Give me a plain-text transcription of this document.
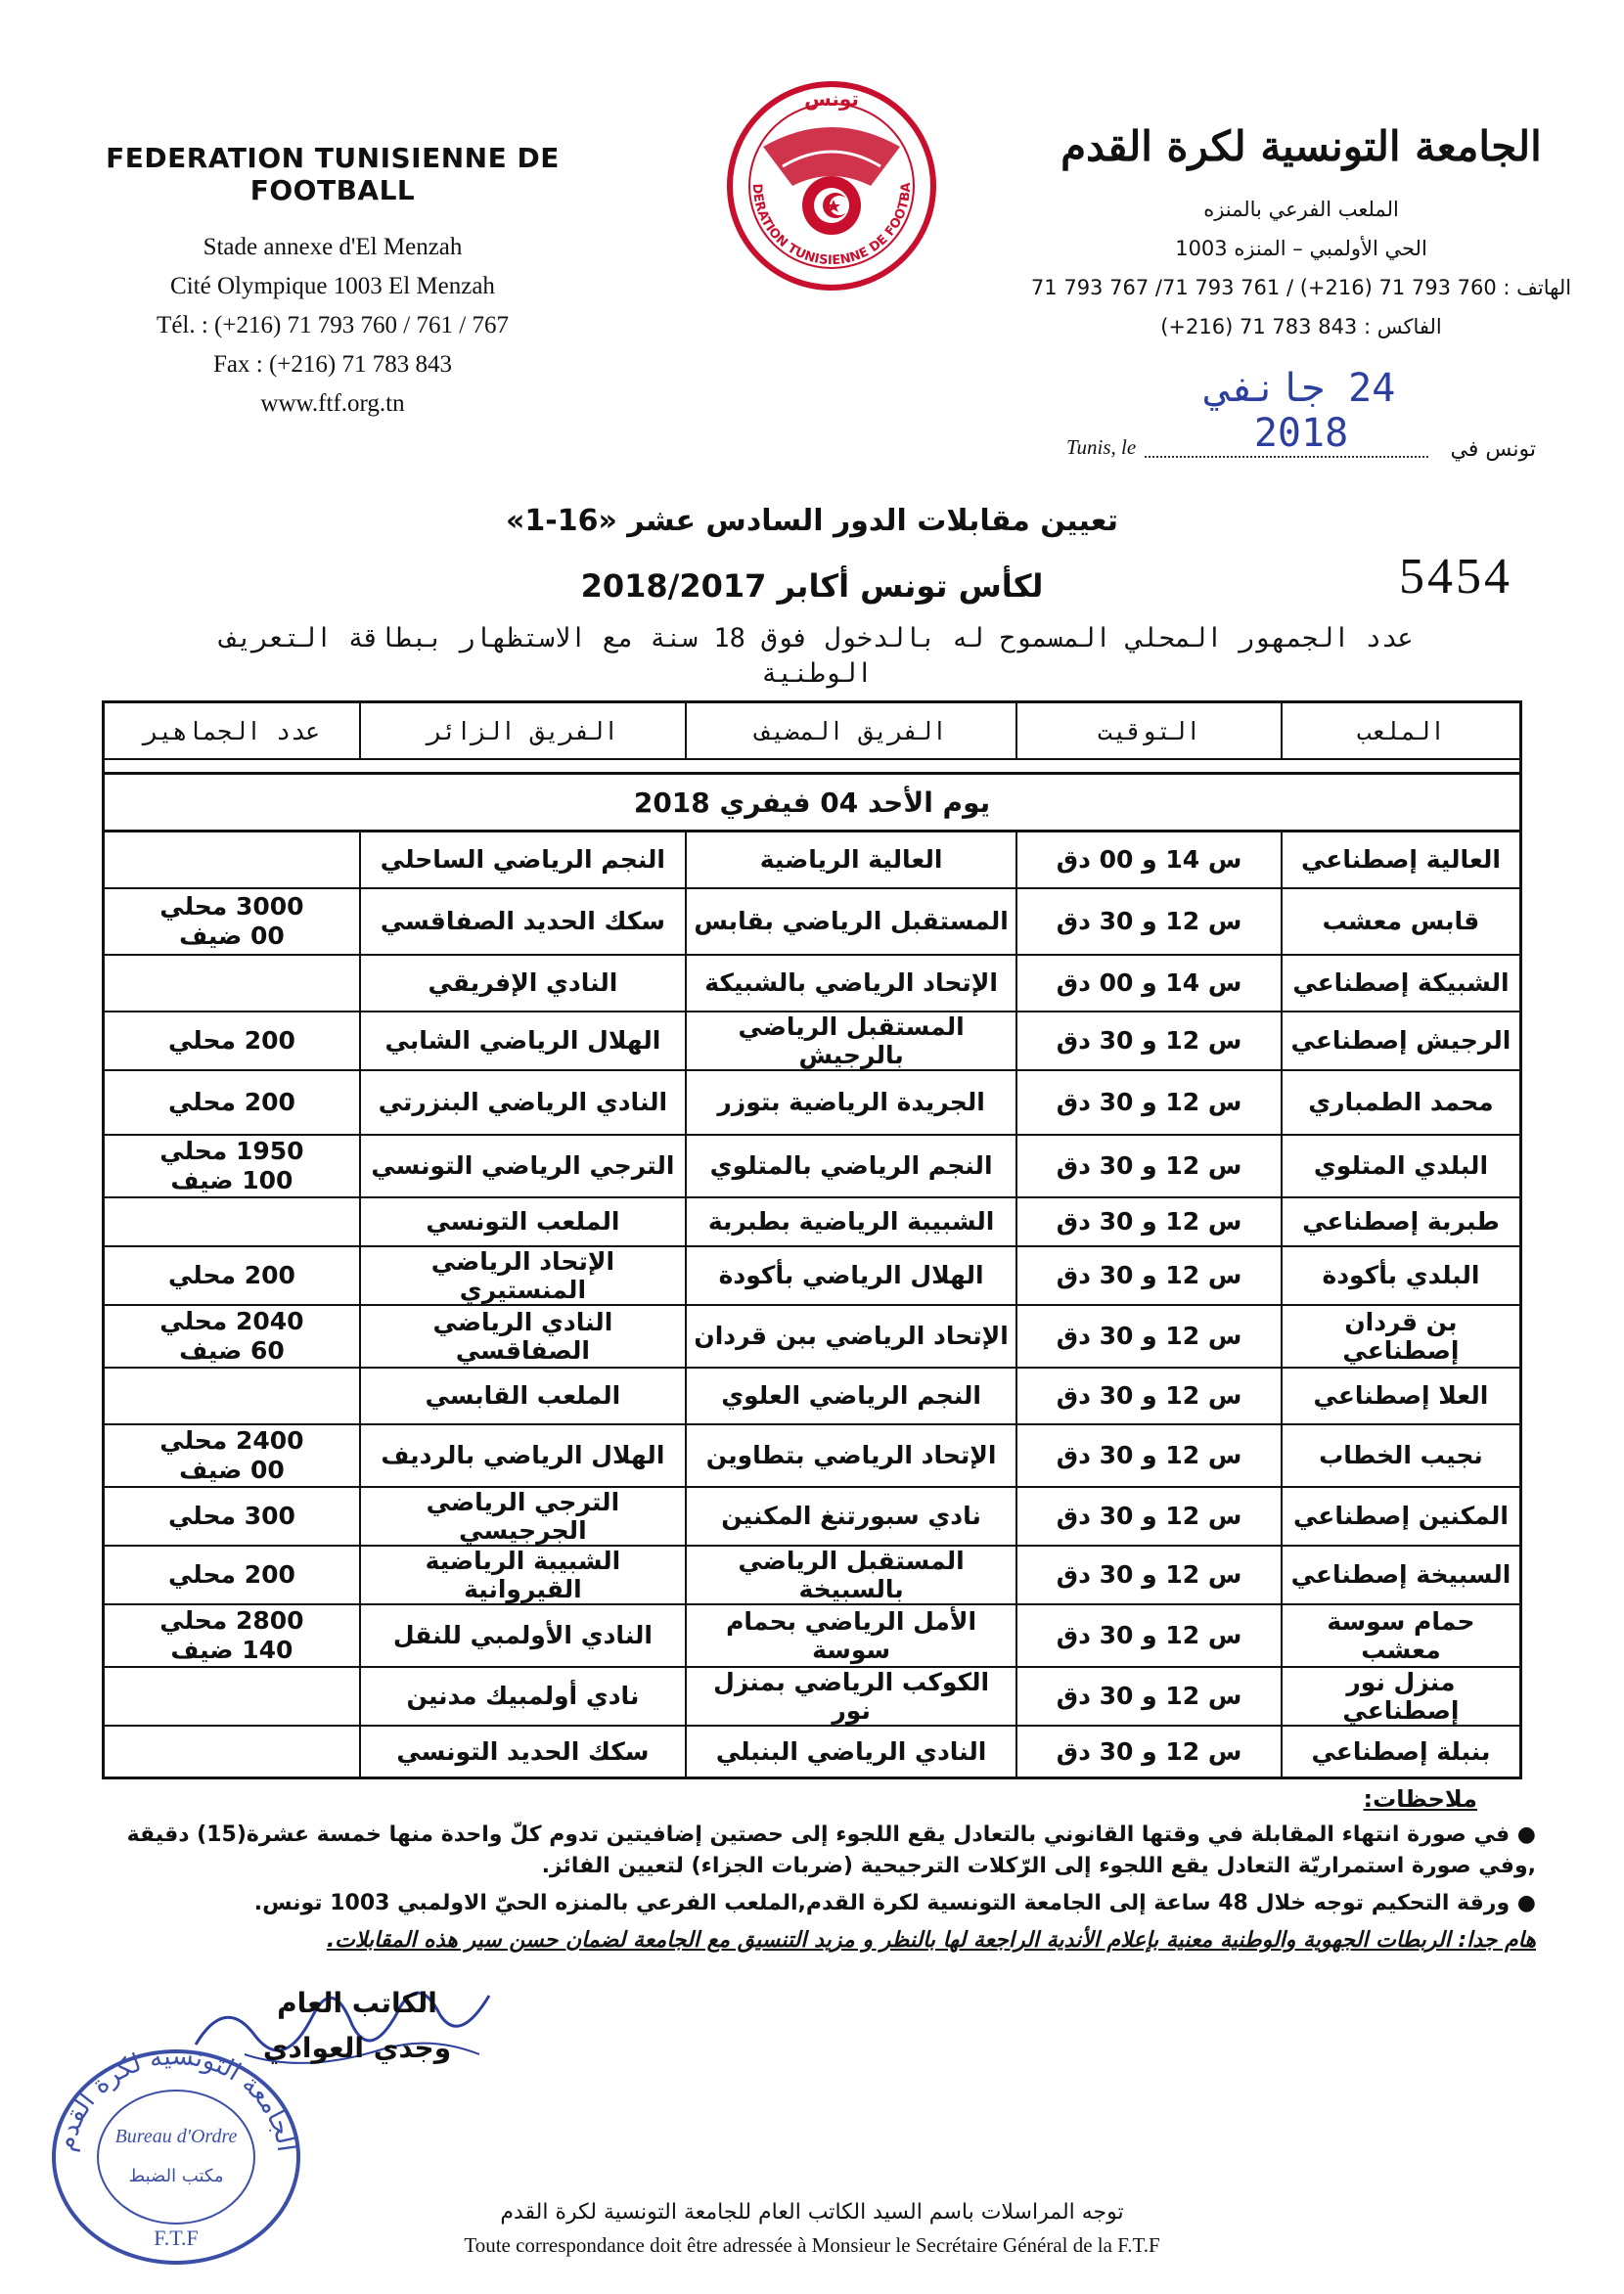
FEDERATION TUNISIENNE DE FOOTBALL
Stade annexe d'El Menzah
Cité Olympique 1003 El Menzah
Tél. : (+216) 71 793 760 / 761 / 767
Fax : (+216) 71 783 843
www.ftf.org.tn
تونس
DERATION TUNISIENNE DE FOOTBA
الجامعة التونسية لكرة القدم
الملعب الفرعي بالمنزه
الحي الأولمبي – المنزه 1003
الهاتف : 760 793 71 (216+) / 761 793 71/ 767 793 71
الفاكس : 843 783 71 (216+)
Tunis, le
24 جانفي 2018	تونس في
تعيين مقابلات الدور السادس عشر «16-1»
لكأس تونس أكابر 2018/2017	5454
عدد الجمهور المحلي المسموح له بالدخول فوق 18 سنة مع الاستظهار ببطاقة التعريف الوطنية
الملعب	التوقيت	الفريق المضيف	الفريق الزائر	عدد الجماهير

يوم الأحد 04 فيفري 2018				
العالية إصطناعي	س 14 و 00 دق	العالية الرياضية	النجم الرياضي الساحلي	

قابس معشب	س 12 و 30 دق	المستقبل الرياضي بقابس	سكك الحديد الصفاقسي	3000 محلي
00 ضيف

الشبيكة إصطناعي	س 14 و 00 دق	الإتحاد الرياضي بالشبيكة	النادي الإفريقي	

الرجيش إصطناعي	س 12 و 30 دق	المستقبل الرياضي بالرجيش	الهلال الرياضي الشابي	200 محلي

محمد الطمباري	س 12 و 30 دق	الجريدة الرياضية بتوزر	النادي الرياضي البنزرتي	200 محلي

البلدي المتلوي	س 12 و 30 دق	النجم الرياضي بالمتلوي	الترجي الرياضي التونسي	1950 محلي
100 ضيف

طبربة إصطناعي	س 12 و 30 دق	الشبيبة الرياضية بطبربة	الملعب التونسي	

البلدي بأكودة	س 12 و 30 دق	الهلال الرياضي بأكودة	الإتحاد الرياضي المنستيري	200 محلي

بن قردان إصطناعي	س 12 و 30 دق	الإتحاد الرياضي ببن قردان	النادي الرياضي الصفاقسي	2040 محلي
60 ضيف

العلا إصطناعي	س 12 و 30 دق	النجم الرياضي العلوي	الملعب القابسي	

نجيب الخطاب	س 12 و 30 دق	الإتحاد الرياضي بتطاوين	الهلال الرياضي بالرديف	2400 محلي
00 ضيف

المكنين إصطناعي	س 12 و 30 دق	نادي سبورتنغ المكنين	الترجي الرياضي الجرجيسي	300 محلي

السبيخة إصطناعي	س 12 و 30 دق	المستقبل الرياضي بالسبيخة	الشبيبة الرياضية القيروانية	200 محلي

حمام سوسة معشب	س 12 و 30 دق	الأمل الرياضي بحمام سوسة	النادي الأولمبي للنقل	2800 محلي
140 ضيف

منزل نور إصطناعي	س 12 و 30 دق	الكوكب الرياضي بمنزل نور	نادي أولمبيك مدنين	

بنبلة إصطناعي	س 12 و 30 دق	النادي الرياضي البنبلي	سكك الحديد التونسي	
ملاحظات:

● في صورة انتهاء المقابلة في وقتها القانوني بالتعادل يقع اللجوء إلى حصتين إضافيتين تدوم كلّ واحدة منها خمسة عشرة(15) دقيقة ,وفي صورة استمراريّة التعادل يقع اللجوء إلى الرّكلات الترجيحية (ضربات الجزاء) لتعيين الفائز.

● ورقة التحكيم توجه خلال 48 ساعة إلى الجامعة التونسية لكرة القدم,الملعب الفرعي بالمنزه الحيّ الاولمبي 1003 تونس.

هام جدا: الربطات الجهوية والوطنية معنية بإعلام الأندية الراجعة لها بالنظر و مزيد التنسيق مع الجامعة لضمان حسن سير هذه المقابلات.

الكاتب العام
وجدي العوادي
الجامعة التونسية لكرة القدم
Bureau d'Ordre
مكتب الضبط
F.T.F
توجه المراسلات باسم السيد الكاتب العام للجامعة التونسية لكرة القدم
Toute correspondance doit être adressée à Monsieur le Secrétaire Général de la F.T.F
